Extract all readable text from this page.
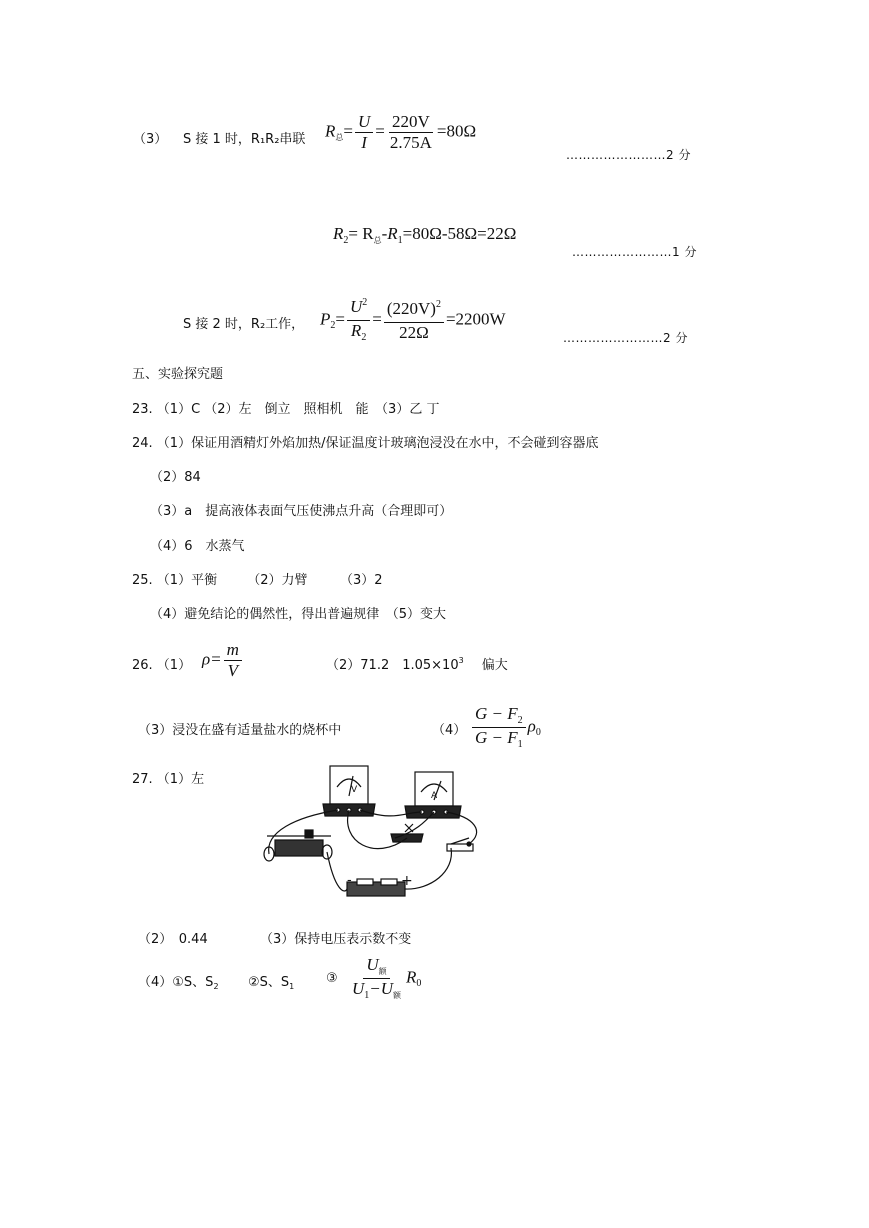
（3） S 接 1 时，R₁R₂串联 $R_总= \frac{U}{I} = \frac{220V}{2.75A} =80\Omega$
……………………2 分
$R_2= R_总-R_1=80\Omega-58\Omega=22\Omega$
……………………1 分
S 接 2 时，R₂工作， $P_2= \frac{U^2}{R_2} = \frac{(220V)^2}{22\Omega} =2200W$
……………………2 分
五、实验探究题
23. （1）C （2）左　倒立　照相机　能　（3）乙 丁
24. （1）保证用酒精灯外焰加热/保证温度计玻璃泡浸没在水中，不会碰到容器底
（2）84
（3）a　提高液体表面气压使沸点升高（合理即可）
（4）6　水蒸气
25. （1）平衡　　 （2）力臂　　　（3）2
（4）避免结论的偶然性，得出普遍规律　（5）变大
26. （1） $\rho= \frac{m}{V}$	（2）71.2　$1.05\times 10^3$ 偏大
（3）浸没在盛有适量盐水的烧杯中	$(4) \frac{G - F_2}{G - F_1} \rho_0$
27. （1）左
V
A
-	+
（2）　0.44	（3）保持电压表示数不变
（4）①S、$S_2$ ②S、$S_1$
③ $\frac{U_额}{U_1-U_额} R_0$
